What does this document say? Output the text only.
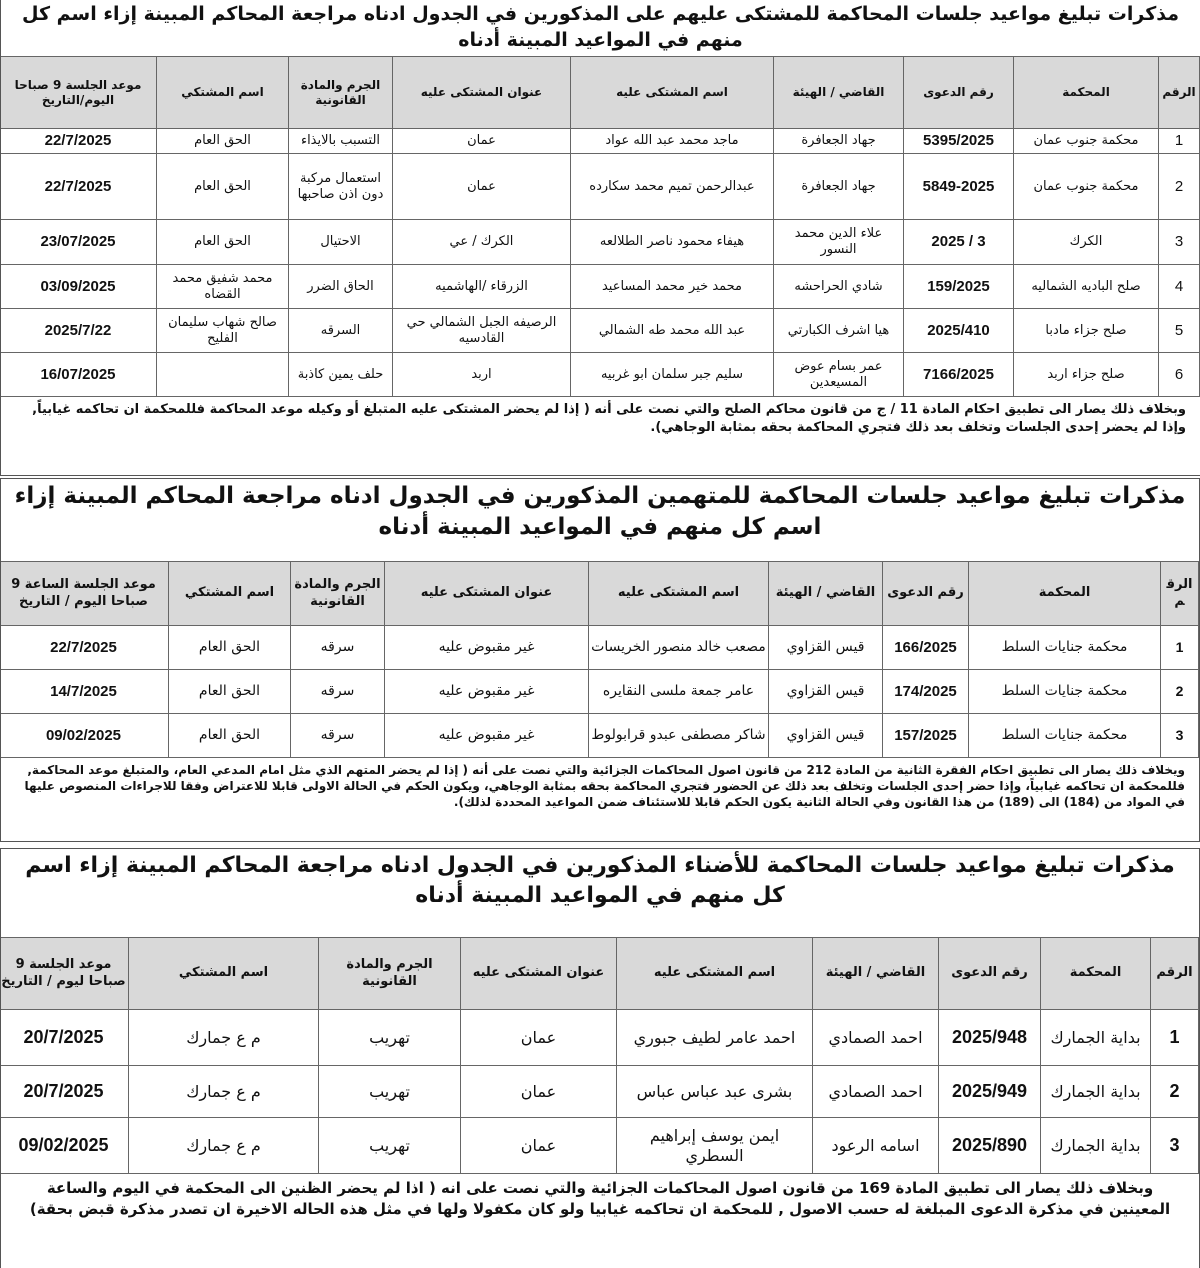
مذكرات تبليغ مواعيد جلسات المحاكمة للمشتكى عليهم على المذكورين في الجدول ادناه مراجعة المحاكم المبينة إزاء اسم كل منهم في المواعيد المبينة أدناه
الرقم	المحكمة	رقم الدعوى	القاضي / الهيئة	اسم المشتكى عليه	عنوان المشتكى عليه	الجرم والمادة القانونية	اسم المشتكي	موعد الجلسة 9 صباحا اليوم/التاريخ
1	محكمة جنوب عمان	5395/2025	جهاد الجعافرة	ماجد محمد عبد الله عواد	عمان	التسبب بالايذاء	الحق العام	22/7/2025
2	محكمة جنوب عمان	5849-2025	جهاد الجعافرة	عبدالرحمن تميم محمد سكارده	عمان	استعمال مركبة دون اذن صاحبها	الحق العام	22/7/2025
3	الكرك	2025 / 3	علاء الدين محمد النسور	هيفاء محمود ناصر الطلالعه	الكرك / عي	الاحتيال	الحق العام	23/07/2025
4	صلح الباديه الشماليه	159/2025	شادي الحراحشه	محمد خير محمد المساعيد	الزرقاء /الهاشميه	الحاق الضرر	محمد شفيق محمد القضاه	03/09/2025
5	صلح جزاء مادبا	2025/410	هيا اشرف الكبارتي	عبد الله محمد طه الشمالي	الرصيفه الجبل الشمالي حي القادسيه	السرقه	صالح شهاب سليمان الفليح	2025/7/22
6	صلح جزاء اربد	7166/2025	عمر بسام عوض المسيعدين	سليم جبر سلمان ابو غربيه	اربد	حلف يمين كاذبة		16/07/2025
وبخلاف ذلك يصار الى تطبيق احكام المادة 11 / ج من قانون محاكم الصلح والتي نصت على أنه ( إذا لم يحضر المشتكى عليه المتبلغ أو وكيله موعد المحاكمة فللمحكمة ان تحاكمه غيابياً, وإذا لم يحضر إحدى الجلسات وتخلف بعد ذلك فتجري المحاكمة بحقه بمثابة الوجاهي).
مذكرات تبليغ مواعيد جلسات المحاكمة للمتهمين المذكورين في الجدول ادناه مراجعة المحاكم المبينة إزاء اسم كل منهم في المواعيد المبينة أدناه
الرقم	المحكمة	رقم الدعوى	القاضي / الهيئة	اسم المشتكى عليه	عنوان المشتكى عليه	الجرم والمادة القانونية	اسم المشتكي	موعد الجلسة الساعة 9 صباحا اليوم / التاريخ
1	محكمة جنايات السلط	166/2025	قيس القزاوي	مصعب خالد منصور الخريسات	غير مقبوض عليه	سرقه	الحق العام	22/7/2025
2	محكمة جنايات السلط	174/2025	قيس القزاوي	عامر جمعة ملسى النقايره	غير مقبوض عليه	سرقه	الحق العام	14/7/2025
3	محكمة جنايات السلط	157/2025	قيس القزاوي	شاكر مصطفى عبدو قرابولوط	غير مقبوض عليه	سرقه	الحق العام	09/02/2025
ويخلاف ذلك يصار الى تطبيق احكام الفقرة الثانية من المادة 212 من قانون اصول المحاكمات الجزائية والتي نصت على أنه ( إذا لم يحضر المتهم الذي مثل امام المدعي العام، والمتبلغ موعد المحاكمة, فللمحكمة ان تحاكمه غيابياً، وإذا حضر إحدى الجلسات وتخلف بعد ذلك عن الحضور فتجري المحاكمة بحقه بمثابة الوجاهي، ويكون الحكم في الحالة الاولى قابلا للاعتراض وفقا للاجراءات المنصوص عليها في المواد من (184) الى (189) من هذا القانون وفي الحالة الثانية يكون الحكم قابلا للاستئناف ضمن المواعيد المحددة لذلك).
مذكرات تبليغ مواعيد جلسات المحاكمة للأضناء المذكورين في الجدول ادناه مراجعة المحاكم المبينة إزاء اسم كل منهم في المواعيد المبينة أدناه
الرقم	المحكمة	رقم الدعوى	القاضي / الهيئة	اسم المشتكى عليه	عنوان المشتكى عليه	الجرم والمادة القانونية	اسم المشتكي	موعد الجلسة 9 صباحا ليوم / التاريخ
1	بداية الجمارك	2025/948	احمد الصمادي	احمد عامر لطيف جبوري	عمان	تهريب	م ع جمارك	20/7/2025
2	بداية الجمارك	2025/949	احمد الصمادي	بشرى عبد عباس عباس	عمان	تهريب	م ع جمارك	20/7/2025
3	بداية الجمارك	2025/890	اسامه الرعود	ايمن يوسف إبراهيم السطري	عمان	تهريب	م ع جمارك	09/02/2025
وبخلاف ذلك يصار الى تطبيق المادة 169 من قانون اصول المحاكمات الجزائية والتي نصت على انه ( اذا لم يحضر الظنين الى المحكمة في اليوم والساعة المعينين في مذكرة الدعوى المبلغة له حسب الاصول , للمحكمة ان تحاكمه غيابيا ولو كان مكفولا ولها في مثل هذه الحاله الاخيرة ان تصدر مذكرة قبض بحقة)
